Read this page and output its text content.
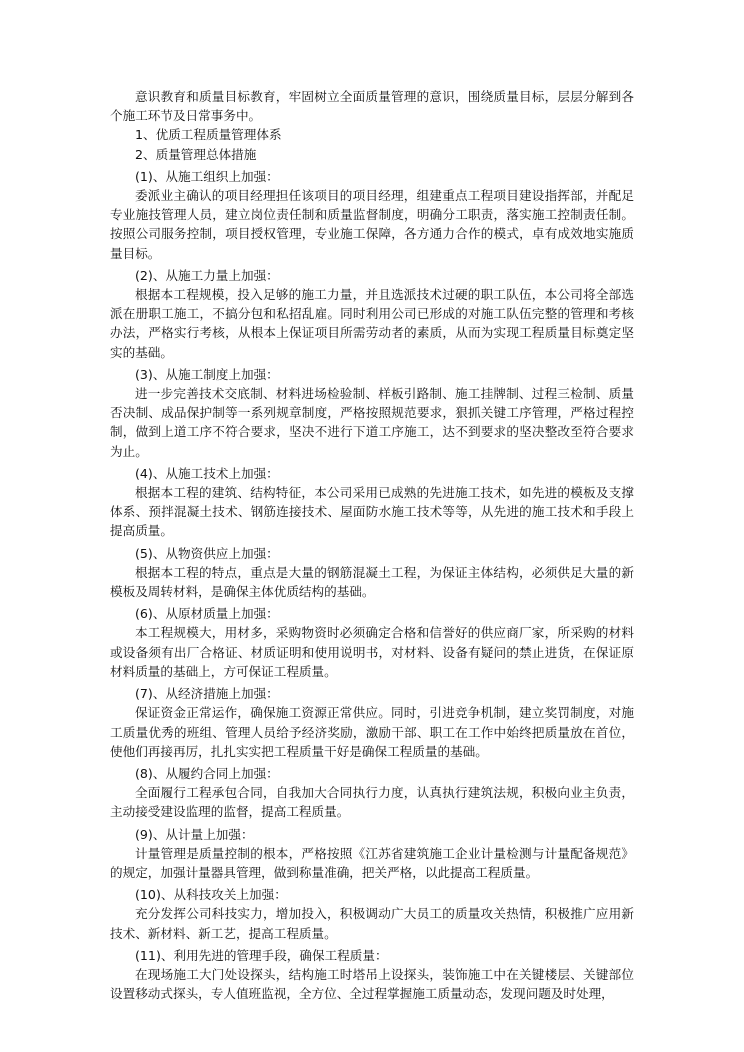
意识教育和质量目标教育，牢固树立全面质量管理的意识，围绕质量目标，层层分解到各个施工环节及日常事务中。

1、优质工程质量管理体系

2、质量管理总体措施

(1)、从施工组织上加强：

委派业主确认的项目经理担任该项目的项目经理，组建重点工程项目建设指挥部，并配足专业施技管理人员，建立岗位责任制和质量监督制度，明确分工职责，落实施工控制责任制。按照公司服务控制，项目授权管理，专业施工保障，各方通力合作的模式，卓有成效地实施质量目标。

(2)、从施工力量上加强：

根据本工程规模，投入足够的施工力量，并且选派技术过硬的职工队伍，本公司将全部选派在册职工施工，不搞分包和私招乱雇。同时利用公司已形成的对施工队伍完整的管理和考核办法，严格实行考核，从根本上保证项目所需劳动者的素质，从而为实现工程质量目标奠定坚实的基础。

(3)、从施工制度上加强：

进一步完善技术交底制、材料进场检验制、样板引路制、施工挂牌制、过程三检制、质量否决制、成品保护制等一系列规章制度，严格按照规范要求，狠抓关键工序管理，严格过程控制，做到上道工序不符合要求，坚决不进行下道工序施工，达不到要求的坚决整改至符合要求为止。

(4)、从施工技术上加强：

根据本工程的建筑、结构特征，本公司采用已成熟的先进施工技术，如先进的模板及支撑体系、预拌混凝土技术、钢筋连接技术、屋面防水施工技术等等，从先进的施工技术和手段上提高质量。

(5)、从物资供应上加强：

根据本工程的特点，重点是大量的钢筋混凝土工程，为保证主体结构，必须供足大量的新模板及周转材料，是确保主体优质结构的基础。

(6)、从原材质量上加强：

本工程规模大，用材多，采购物资时必须确定合格和信誉好的供应商厂家，所采购的材料或设备须有出厂合格证、材质证明和使用说明书，对材料、设备有疑问的禁止进货，在保证原材料质量的基础上，方可保证工程质量。

(7)、从经济措施上加强：

保证资金正常运作，确保施工资源正常供应。同时，引进竞争机制，建立奖罚制度，对施工质量优秀的班组、管理人员给予经济奖励，激励干部、职工在工作中始终把质量放在首位，使他们再接再厉，扎扎实实把工程质量干好是确保工程质量的基础。

(8)、从履约合同上加强：

全面履行工程承包合同，自我加大合同执行力度，认真执行建筑法规，积极向业主负责，主动接受建设监理的监督，提高工程质量。

(9)、从计量上加强：

计量管理是质量控制的根本，严格按照《江苏省建筑施工企业计量检测与计量配备规范》的规定，加强计量器具管理，做到称量准确，把关严格，以此提高工程质量。

(10)、从科技攻关上加强：

充分发挥公司科技实力，增加投入，积极调动广大员工的质量攻关热情，积极推广应用新技术、新材料、新工艺，提高工程质量。

(11)、利用先进的管理手段，确保工程质量：

在现场施工大门处设探头，结构施工时塔吊上设探头，装饰施工中在关键楼层、关键部位设置移动式探头，专人值班监视，全方位、全过程掌握施工质量动态，发现问题及时处理，
